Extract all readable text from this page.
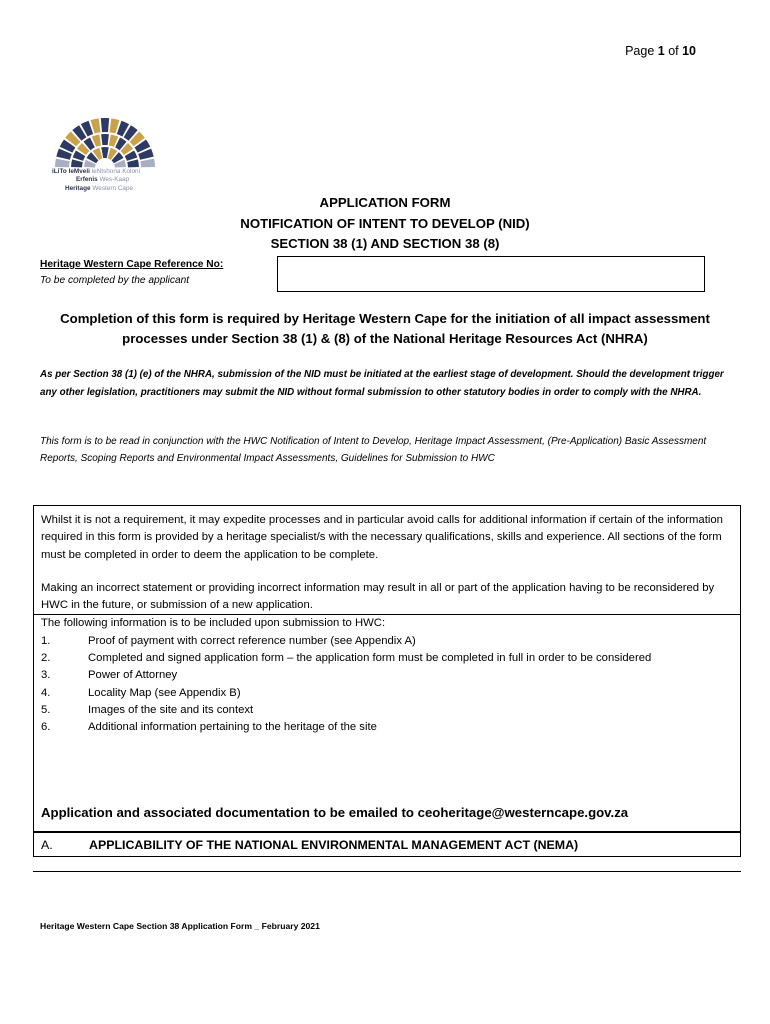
Page 1 of 10
iLiTo leMveli leNtshona Koloni
Erfenis Wes-Kaap
Heritage Western Cape
APPLICATION FORM
NOTIFICATION OF INTENT TO DEVELOP (NID)
SECTION 38 (1) AND SECTION 38 (8)
Heritage Western Cape Reference No:
To be completed by the applicant
Completion of this form is required by Heritage Western Cape for the initiation of all impact assessment processes under Section 38 (1) & (8) of the National Heritage Resources Act (NHRA)
As per Section 38 (1) (e) of the NHRA, submission of the NID must be initiated at the earliest stage of development. Should the development trigger any other legislation, practitioners may submit the NID without formal submission to other statutory bodies in order to comply with the NHRA.
This form is to be read in conjunction with the HWC Notification of Intent to Develop, Heritage Impact Assessment, (Pre-Application) Basic Assessment Reports, Scoping Reports and Environmental Impact Assessments, Guidelines for Submission to HWC

Whilst it is not a requirement, it may expedite processes and in particular avoid calls for additional information if certain of the information required in this form is provided by a heritage specialist/s with the necessary qualifications, skills and experience. All sections of the form must be completed in order to deem the application to be complete.

Making an incorrect statement or providing incorrect information may result in all or part of the application having to be reconsidered by HWC in the future, or submission of a new application.

The following information is to be included upon submission to HWC:

1.	Proof of payment with correct reference number (see Appendix A)
2.	Completed and signed application form – the application form must be completed in full in order to be considered
3.	Power of Attorney
4.	Locality Map (see Appendix B)
5.	Images of the site and its context
6.	Additional information pertaining to the heritage of the site
Application and associated documentation to be emailed to ceoheritage@westerncape.gov.za
A.	APPLICABILITY OF THE NATIONAL ENVIRONMENTAL MANAGEMENT ACT (NEMA)
Heritage Western Cape Section 38 Application Form _ February 2021
